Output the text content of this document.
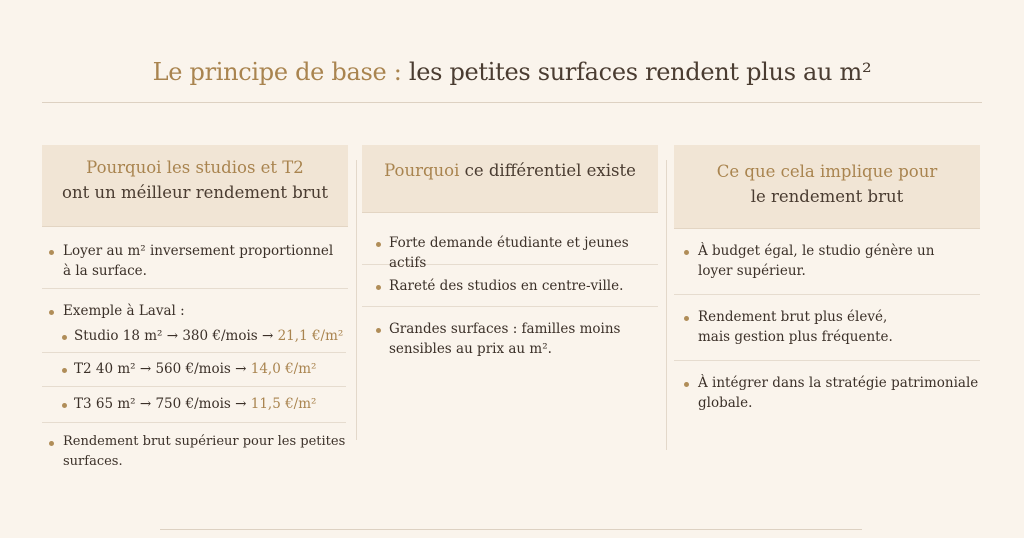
Le principe de base : les petites surfaces rendent plus au m²
Pourquoi les studios et T2
ont un méilleur rendement brut
Loyer au m² inversement proportionnel
à la surface.
Exemple à Laval :
Studio 18 m² → 380 €/mois → 21,1 €/m²
T2 40 m² → 560 €/mois → 14,0 €/m²
T3 65 m² → 750 €/mois → 11,5 €/m²
Rendement brut supérieur pour les petites surfaces.
Pourquoi ce différentiel existe
Forte demande étudiante et jeunes actifs
Rareté des studios en centre-ville.
Grandes surfaces : familles moins
sensibles au prix au m².
Ce que cela implique pour
le rendement brut
À budget égal, le studio génère un
loyer supérieur.
Rendement brut plus élevé,
mais gestion plus fréquente.
À intégrer dans la stratégie patrimoniale
globale.
